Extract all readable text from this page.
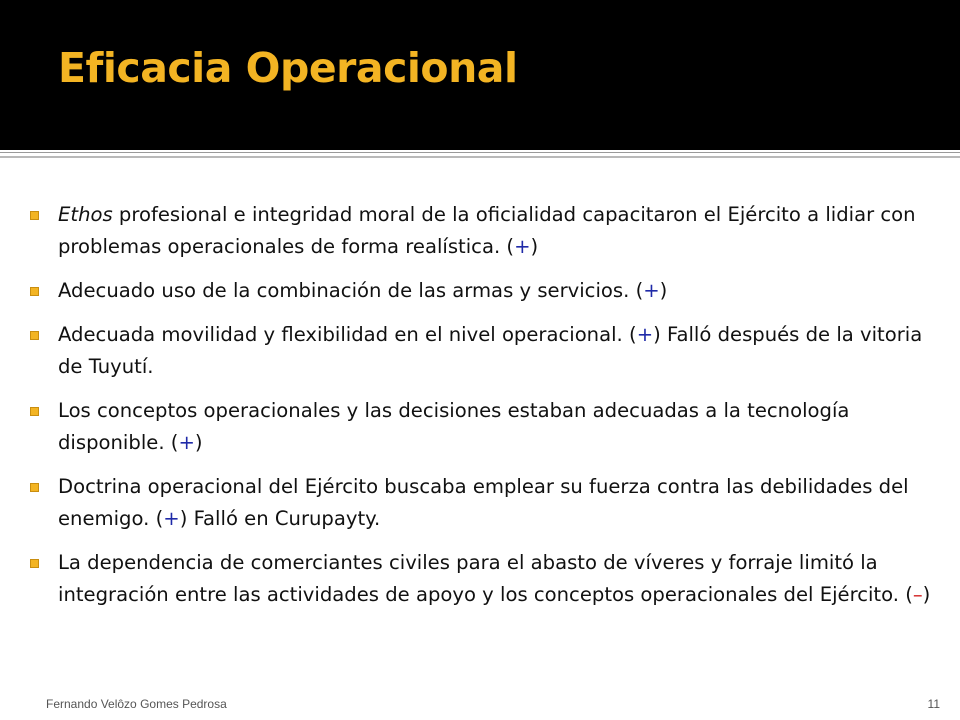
Eficacia Operacional
Ethos profesional e integridad moral de la oficialidad capacitaron el Ejército a lidiar con problemas operacionales de forma realística. (+)
Adecuado uso de la combinación de las armas y servicios. (+)
Adecuada movilidad y flexibilidad en el nivel operacional. (+) Falló después de la vitoria de Tuyutí.
Los conceptos operacionales y las decisiones estaban adecuadas a la tecnología disponible. (+)
Doctrina operacional del Ejército buscaba emplear su fuerza contra las debilidades del enemigo. (+) Falló en Curupayty.
La dependencia de comerciantes civiles para el abasto de víveres y forraje limitó la integración entre las actividades de apoyo y los conceptos operacionales del Ejército. (–)
Fernando Velôzo Gomes Pedrosa	11
